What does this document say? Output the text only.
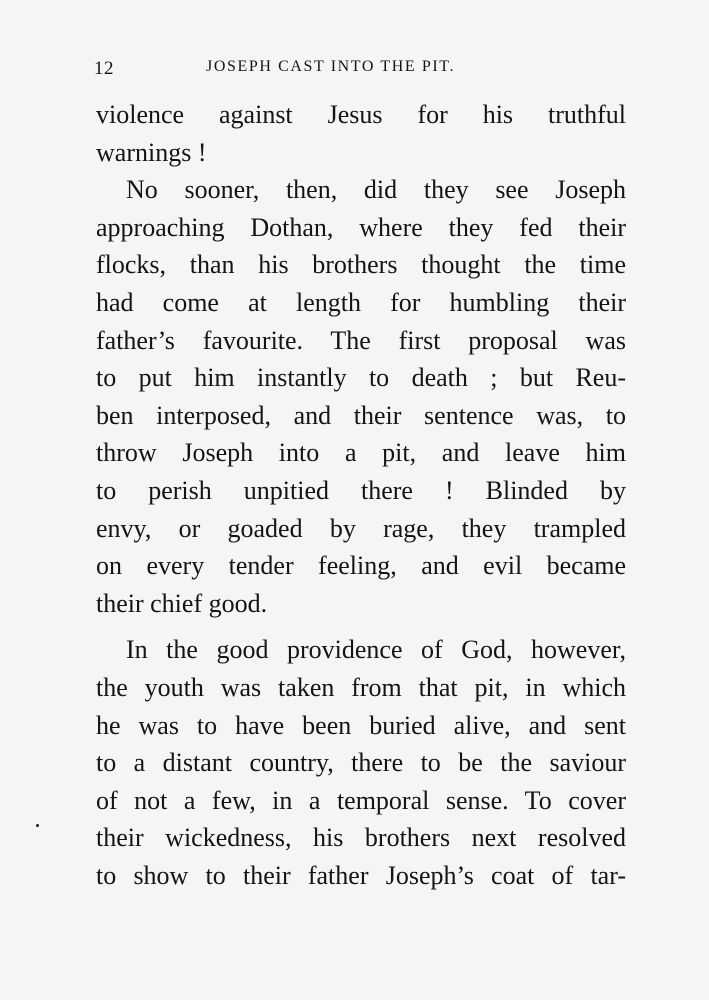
12	JOSEPH CAST INTO THE PIT.
violence against Jesus for his truthful
warnings !
No sooner, then, did they see Joseph
approaching Dothan, where they fed their
flocks, than his brothers thought the time
had come at length for humbling their
father’s favourite. The first proposal was
to put him instantly to death ; but Reu-
ben interposed, and their sentence was, to
throw Joseph into a pit, and leave him
to perish unpitied there ! Blinded by
envy, or goaded by rage, they trampled
on every tender feeling, and evil became
their chief good.
In the good providence of God, however,
the youth was taken from that pit, in which
he was to have been buried alive, and sent
to a distant country, there to be the saviour
of not a few, in a temporal sense. To cover
their wickedness, his brothers next resolved
to show to their father Joseph’s coat of tar-
